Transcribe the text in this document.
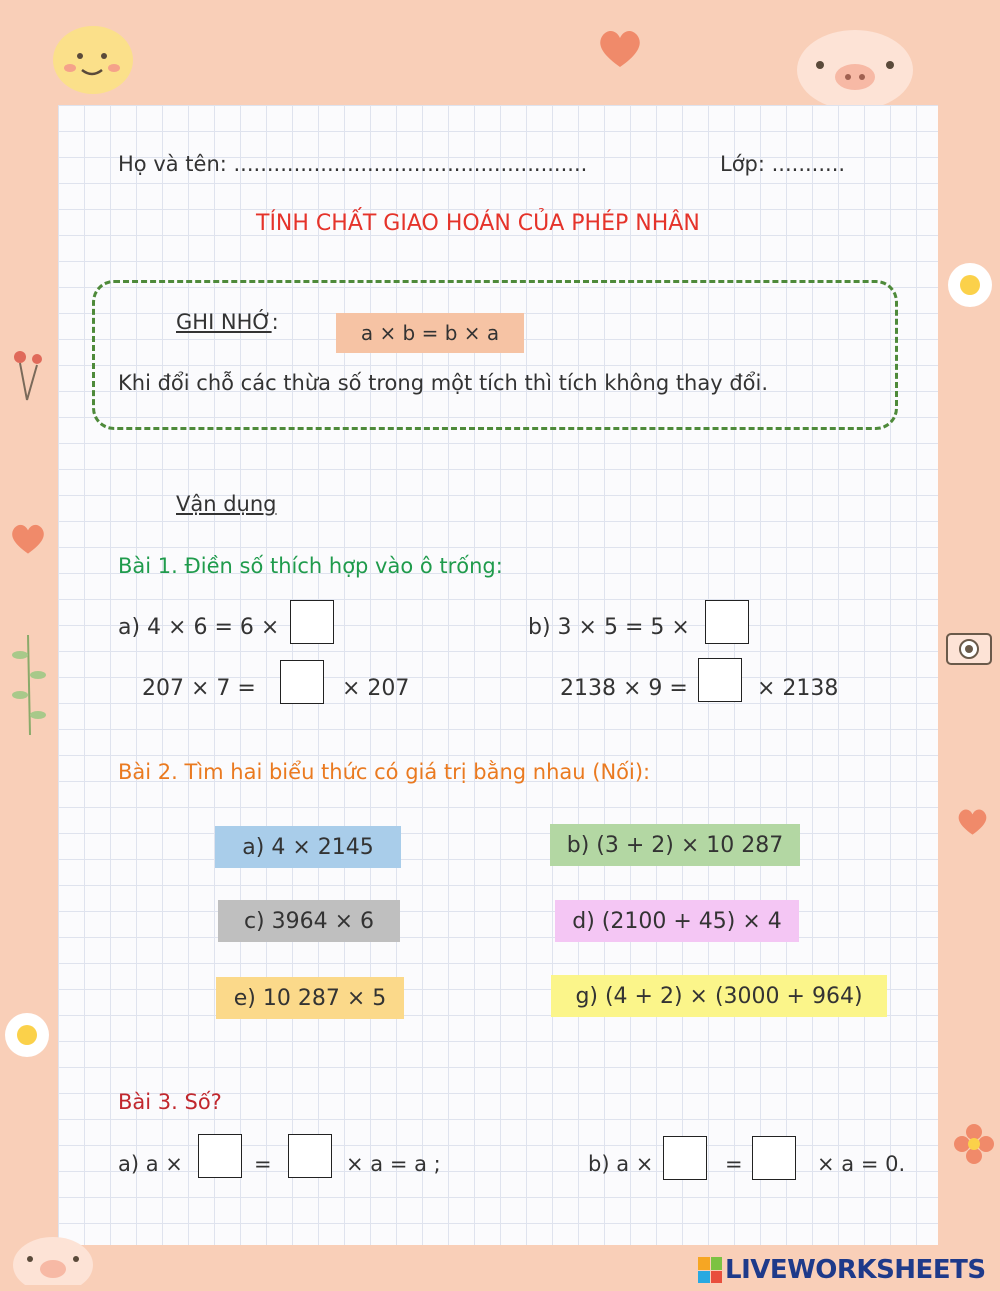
Họ và tên: .....................................................	Lớp: ...........
TÍNH CHẤT GIAO HOÁN CỦA PHÉP NHÂN
GHI NHỚ:	a × b = b × a
Khi đổi chỗ các thừa số trong một tích thì tích không thay đổi.
Vận dụng
Bài 1. Điền số thích hợp vào ô trống:
a) 4 × 6 = 6 ×	b) 3 × 5 = 5 ×
207 × 7 =	× 207	2138 × 9 =	× 2138
Bài 2. Tìm hai biểu thức có giá trị bằng nhau (Nối):
a) 4 × 2145	b) (3 + 2) × 10 287
c) 3964 × 6	d) (2100 + 45) × 4
e) 10 287 × 5	g) (4 + 2) × (3000 + 964)
Bài 3. Số?
a) a ×	=	× a = a ;	b) a ×	=	× a = 0.
LIVEWORKSHEETS
